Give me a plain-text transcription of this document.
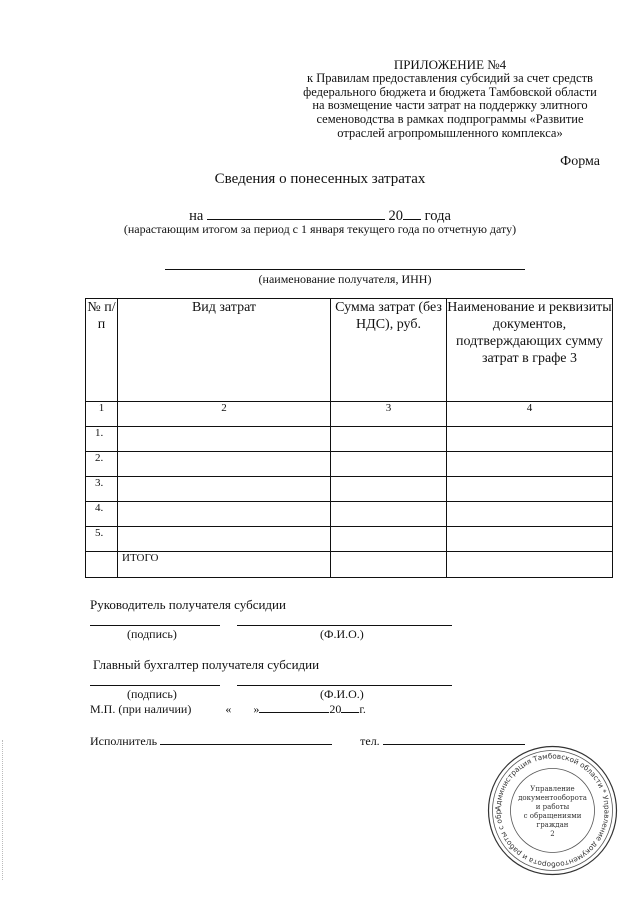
ПРИЛОЖЕНИЕ №4
к Правилам предоставления субсидий за счет средств
федерального бюджета и бюджета Тамбовской области
на возмещение части затрат на поддержку элитного
семеноводства в рамках подпрограммы «Развитие
отраслей агропромышленного комплекса»
Форма
Сведения о понесенных затратах
на	20 года
(нарастающим итогом за период с 1 января текущего года по отчетную дату)
(наименование получателя, ИНН)
№ п/п	Вид затрат	Сумма затрат (без НДС), руб.	Наименование и реквизиты документов, подтверждающих сумму затрат в графе 3
1	2	3	4
1.			
2.			
3.			
4.			
5.			
	ИТОГО		
Руководитель получателя субсидии
(подпись)	(Ф.И.О.)
Главный бухгалтер получателя субсидии
(подпись)	(Ф.И.О.)
М.П. (при наличии)	« »	20 г.
Исполнитель	тел.
Администрация Тамбовской области * Управление документооборота и работы с обр
Управление
документооборота
и работы
с обращениями
граждан
2
